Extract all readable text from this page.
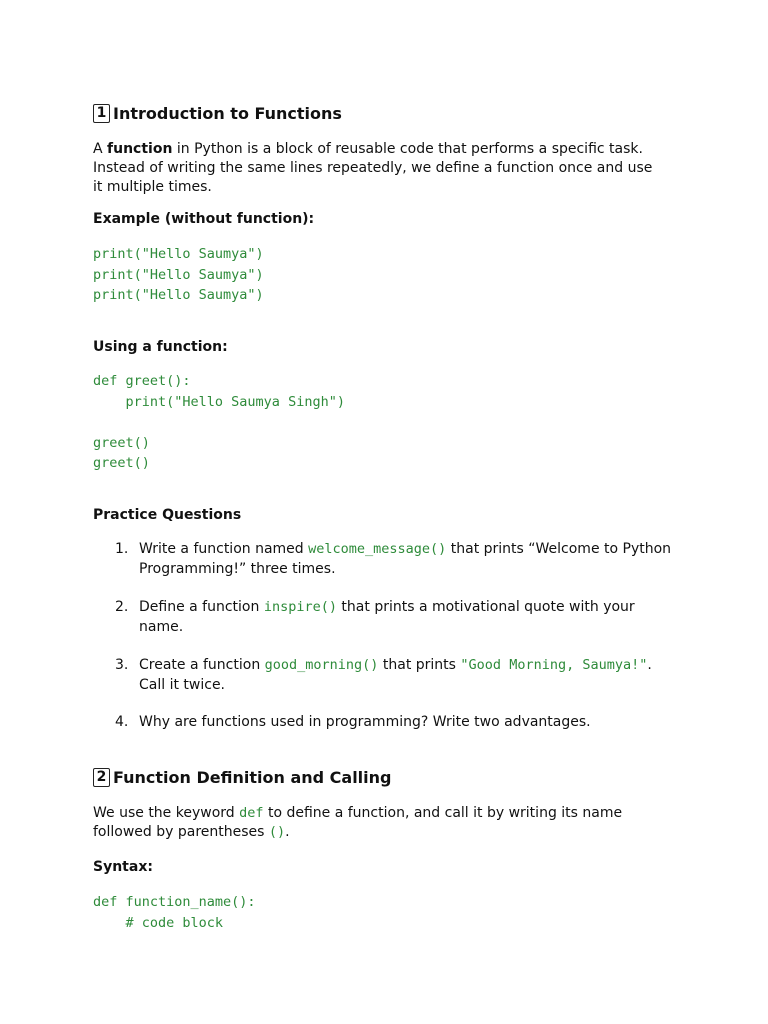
1 Introduction to Functions
A function in Python is a block of reusable code that performs a specific task.
Instead of writing the same lines repeatedly, we define a function once and use
it multiple times.
Example (without function):
print("Hello Saumya")
print("Hello Saumya")
print("Hello Saumya")
Using a function:
def greet():
print("Hello Saumya Singh")

greet()
greet()
Practice Questions
1. Write a function named welcome_message() that prints “Welcome to Python Programming!” three times.
2. Define a function inspire() that prints a motivational quote with your name.
3. Create a function good_morning() that prints "Good Morning, Saumya!". Call it twice.
4. Why are functions used in programming? Write two advantages.
2 Function Definition and Calling
We use the keyword def to define a function, and call it by writing its name followed by parentheses ().
Syntax:
def function_name():
# code block
